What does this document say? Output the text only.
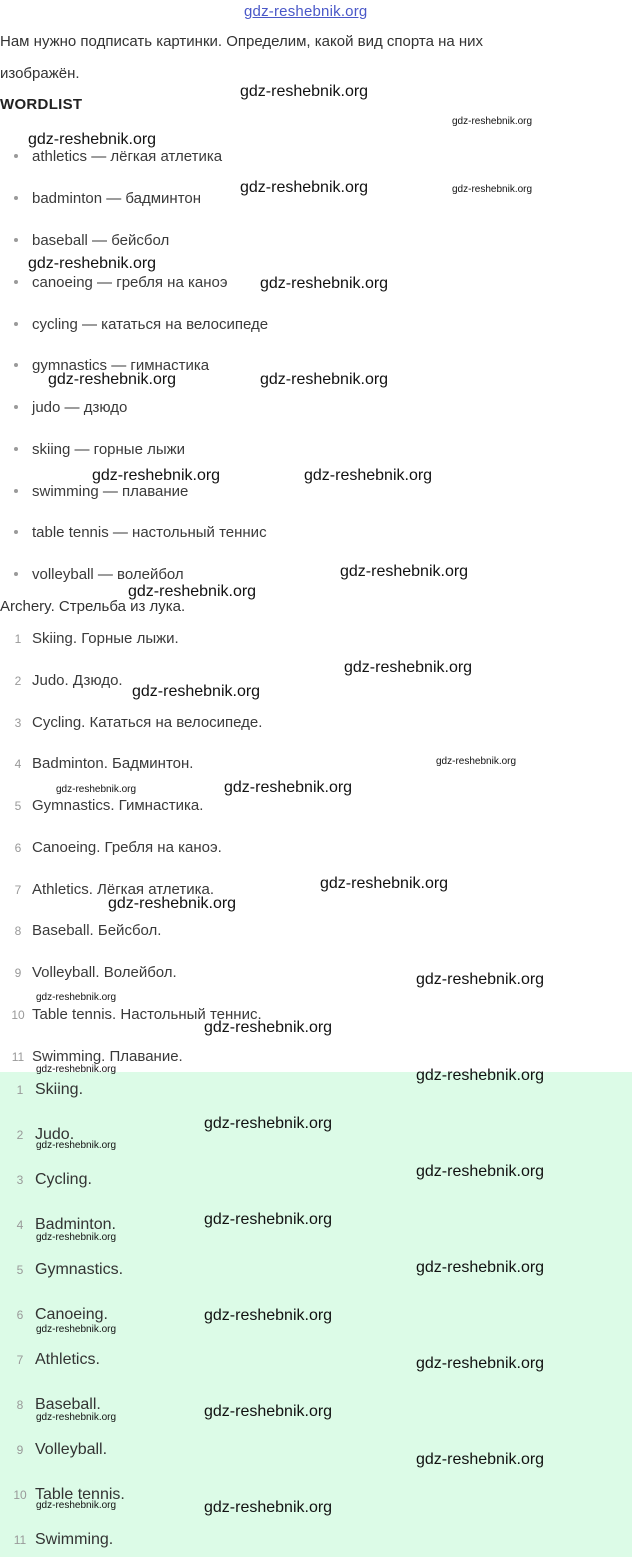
gdz-reshebnik.org
Нам нужно подписать картинки. Определим, какой вид спорта на них
изображён.
WORDLIST
athletics — лёгкая атлетика
badminton — бадминтон
baseball — бейсбол
canoeing — гребля на каноэ
cycling — кататься на велосипеде
gymnastics — гимнастика
judo — дзюдо
skiing — горные лыжи
swimming — плавание
table tennis — настольный теннис
volleyball — волейбол
Archery. Стрельба из лука.
1 Skiing. Горные лыжи.
2 Judo. Дзюдо.
3 Cycling. Кататься на велосипеде.
4 Badminton. Бадминтон.
5 Gymnastics. Гимнастика.
6 Canoeing. Гребля на каноэ.
7 Athletics. Лёгкая атлетика.
8 Baseball. Бейсбол.
9 Volleyball. Волейбол.
10 Table tennis. Настольный теннис.
11 Swimming. Плавание.
1 Skiing.
2 Judo.
3 Cycling.
4 Badminton.
5 Gymnastics.
6 Canoeing.
7 Athletics.
8 Baseball.
9 Volleyball.
10 Table tennis.
11 Swimming.
gdz-reshebnik.org
gdz-reshebnik.org
gdz-reshebnik.org
gdz-reshebnik.org
gdz-reshebnik.org
gdz-reshebnik.org	gdz-reshebnik.org
gdz-reshebnik.org	gdz-reshebnik.org
gdz-reshebnik.org
gdz-reshebnik.org
gdz-reshebnik.org
gdz-reshebnik.org
gdz-reshebnik.org
gdz-reshebnik.org
gdz-reshebnik.org
gdz-reshebnik.org
gdz-reshebnik.org
gdz-reshebnik.org
gdz-reshebnik.org
gdz-reshebnik.org
gdz-reshebnik.org
gdz-reshebnik.org
gdz-reshebnik.org
gdz-reshebnik.org
gdz-reshebnik.org
gdz-reshebnik.org
gdz-reshebnik.org
gdz-reshebnik.org
gdz-reshebnik.org
gdz-reshebnik.org
gdz-reshebnik.org
gdz-reshebnik.org
gdz-reshebnik.org
gdz-reshebnik.org
gdz-reshebnik.org
gdz-reshebnik.org
gdz-reshebnik.org
gdz-reshebnik.org
